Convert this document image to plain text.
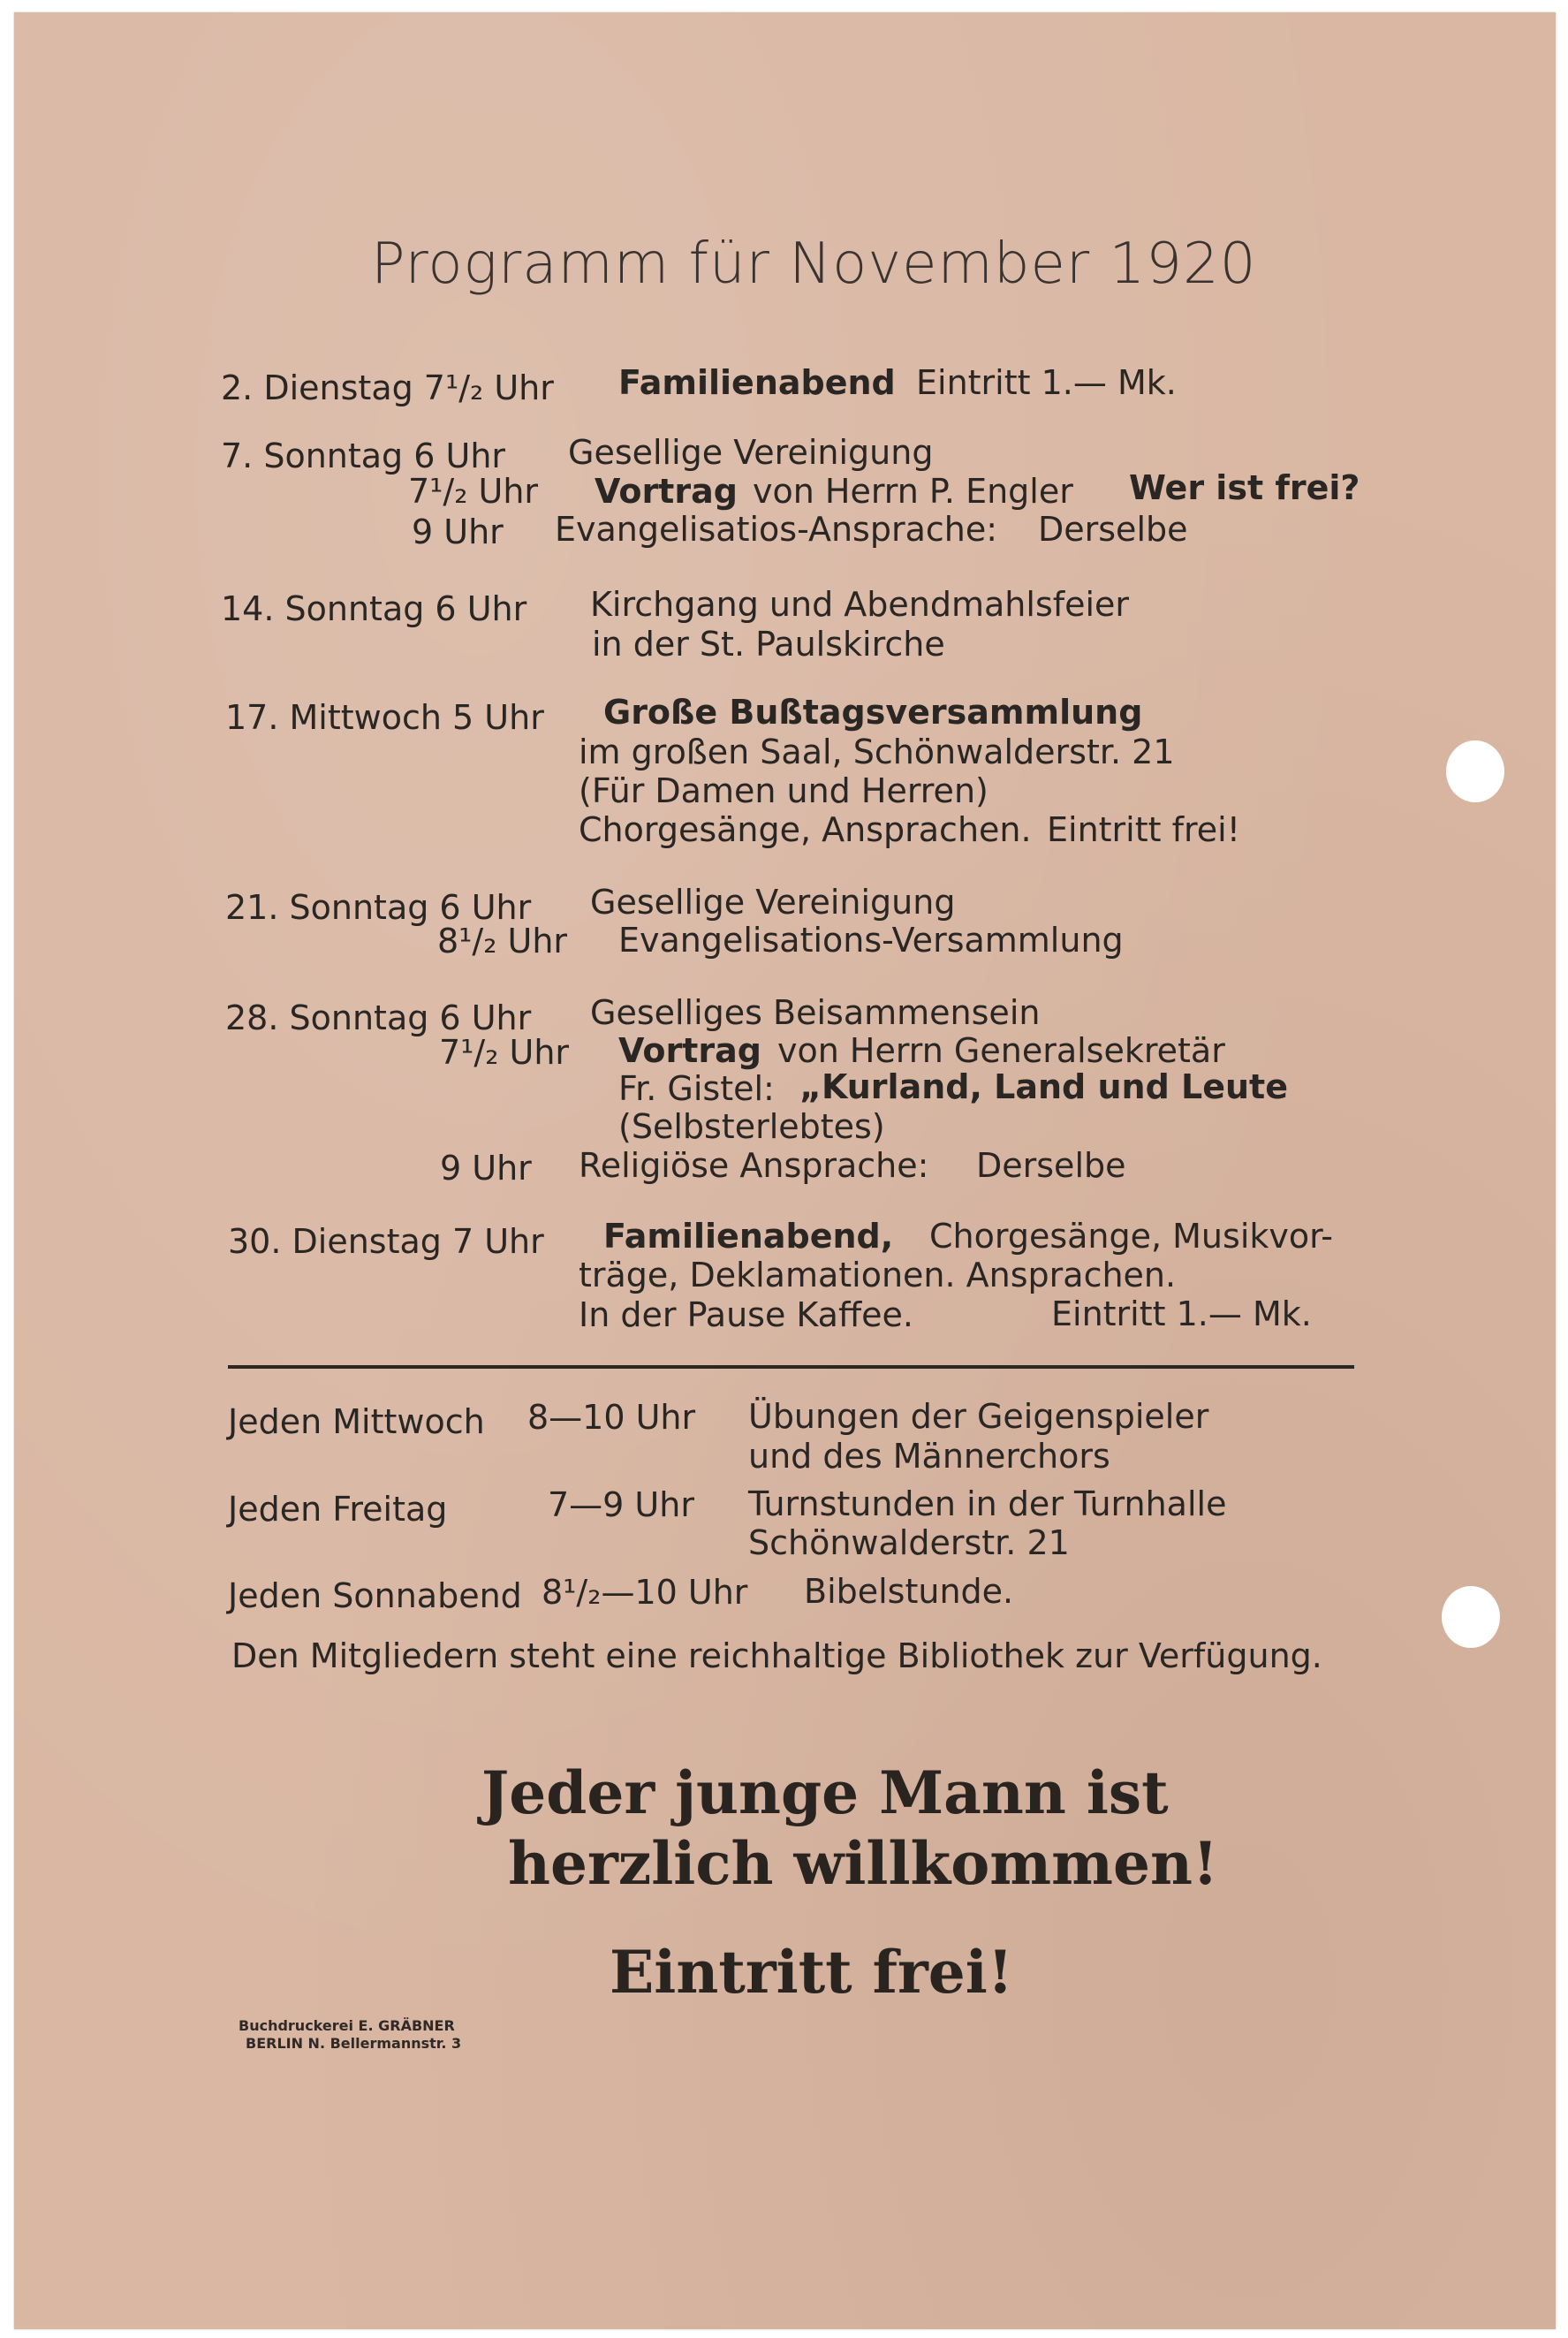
Programm für November 1920
2. Dienstag 7¹/₂ Uhr Familienabend Eintritt 1.— Mk.
7. Sonntag 6 Uhr Gesellige Vereinigung
7¹/₂ Uhr Vortrag von Herrn P. Engler Wer ist frei?
9 Uhr Evangelisatios-Ansprache: Derselbe
14. Sonntag 6 Uhr Kirchgang und Abendmahlsfeier
in der St. Paulskirche
17. Mittwoch 5 Uhr Große Bußtagsversammlung
im großen Saal, Schönwalderstr. 21
(Für Damen und Herren)
Chorgesänge, Ansprachen. Eintritt frei!
21. Sonntag 6 Uhr Gesellige Vereinigung
8¹/₂ Uhr Evangelisations-Versammlung
28. Sonntag 6 Uhr Geselliges Beisammensein
7¹/₂ Uhr Vortrag von Herrn Generalsekretär
Fr. Gistel: „Kurland, Land und Leute
(Selbsterlebtes)
9 Uhr Religiöse Ansprache: Derselbe
30. Dienstag 7 Uhr Familienabend, Chorgesänge, Musikvor-
träge, Deklamationen. Ansprachen.
In der Pause Kaffee.	Eintritt 1.— Mk.
Jeden Mittwoch 8—10 Uhr Übungen der Geigenspieler
und des Männerchors
Jeden Freitag	7—9 Uhr Turnstunden in der Turnhalle
Schönwalderstr. 21
Jeden Sonnabend 8¹/₂—10 Uhr Bibelstunde.
Den Mitgliedern steht eine reichhaltige Bibliothek zur Verfügung.
Jeder junge Mann ist
herzlich willkommen!
Eintritt frei!
Buchdruckerei E. GRÄBNER
BERLIN N. Bellermannstr. 3
